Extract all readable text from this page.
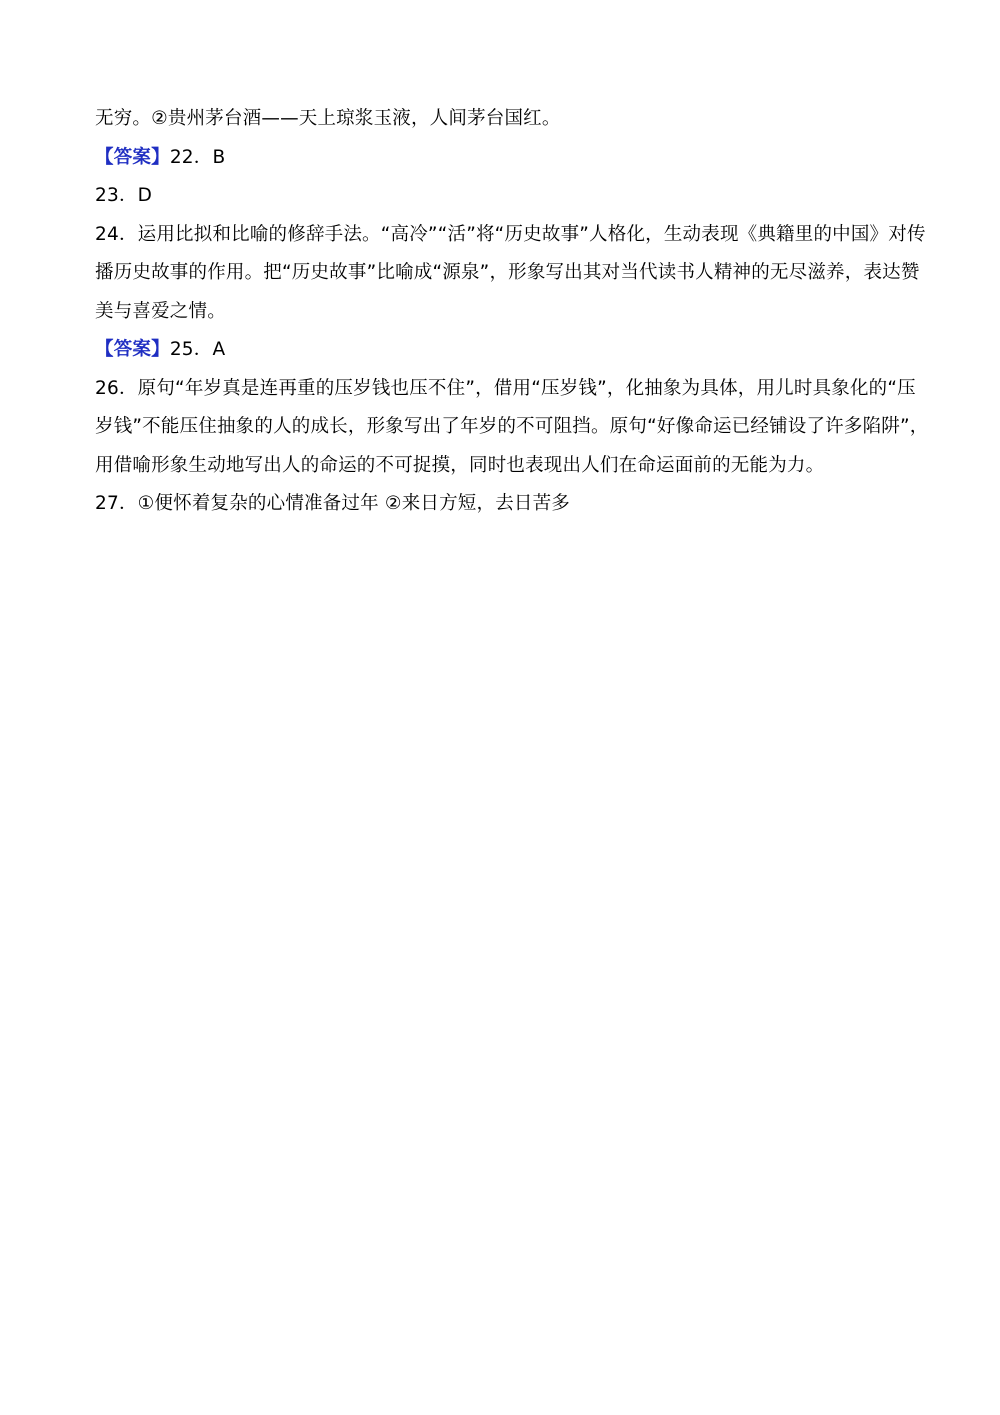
无穷。②贵州茅台酒——天上琼浆玉液，人间茅台国红。
【答案】22．B
23．D
24．运用比拟和比喻的修辞手法。“高冷”“活”将“历史故事”人格化，生动表现《典籍里的中国》对传
播历史故事的作用。把“历史故事”比喻成“源泉”，形象写出其对当代读书人精神的无尽滋养，表达赞
美与喜爱之情。
【答案】25．A
26．原句“年岁真是连再重的压岁钱也压不住”，借用“压岁钱”，化抽象为具体，用儿时具象化的“压
岁钱”不能压住抽象的人的成长，形象写出了年岁的不可阻挡。原句“好像命运已经铺设了许多陷阱”，
用借喻形象生动地写出人的命运的不可捉摸，同时也表现出人们在命运面前的无能为力。
27．①便怀着复杂的心情准备过年 ②来日方短，去日苦多
